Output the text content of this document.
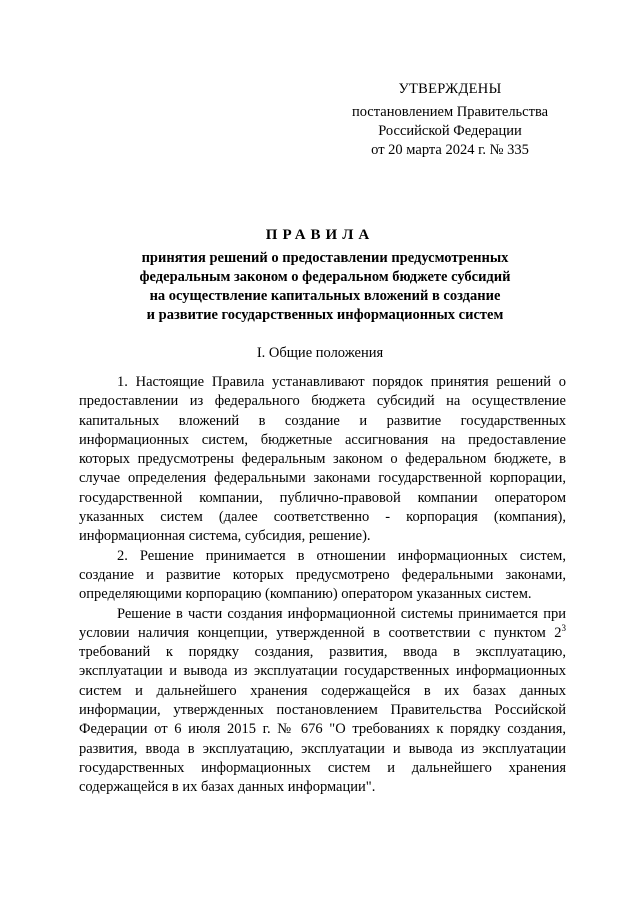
УТВЕРЖДЕНЫ
постановлением Правительства
Российской Федерации
от 20 марта 2024 г. № 335
ПРАВИЛА
принятия решений о предоставлении предусмотренных
федеральным законом о федеральном бюджете субсидий
на осуществление капитальных вложений в создание
и развитие государственных информационных систем
I. Общие положения

1. Настоящие Правила устанавливают порядок принятия решений о предоставлении из федерального бюджета субсидий на осуществление капитальных вложений в создание и развитие государственных информационных систем, бюджетные ассигнования на предоставление которых предусмотрены федеральным законом о федеральном бюджете, в случае определения федеральными законами государственной корпорации, государственной компании, публично-правовой компании оператором указанных систем (далее соответственно - корпорация (компания), информационная система, субсидия, решение).

2. Решение принимается в отношении информационных систем, создание и развитие которых предусмотрено федеральными законами, определяющими корпорацию (компанию) оператором указанных систем.

Решение в части создания информационной системы принимается при условии наличия концепции, утвержденной в соответствии с пунктом $2^3$ требований к порядку создания, развития, ввода в эксплуатацию, эксплуатации и вывода из эксплуатации государственных информационных систем и дальнейшего хранения содержащейся в их базах данных информации, утвержденных постановлением Правительства Российской Федерации от 6 июля 2015 г. № 676 "О требованиях к порядку создания, развития, ввода в эксплуатацию, эксплуатации и вывода из эксплуатации государственных информационных систем и дальнейшего хранения содержащейся в их базах данных информации".
